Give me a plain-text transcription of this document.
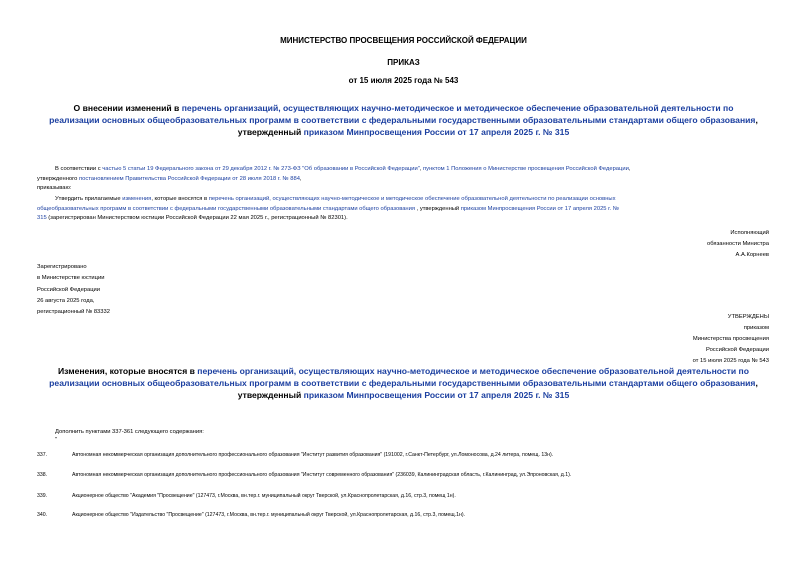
МИНИСТЕРСТВО ПРОСВЕЩЕНИЯ РОССИЙСКОЙ ФЕДЕРАЦИИ
ПРИКАЗ
от 15 июля 2025 года № 543
О внесении изменений в перечень организаций, осуществляющих научно-методическое и методическое обеспечение образовательной деятельности по
реализации основных общеобразовательных программ в соответствии с федеральными государственными образовательными стандартами общего образования,
утвержденный приказом Минпросвещения России от 17 апреля 2025 г. № 315
В соответствии с частью 5 статьи 19 Федерального закона от 29 декабря 2012 г. № 273-ФЗ "Об образовании в Российской Федерации", пунктом 1 Положения о Министерстве просвещения Российской Федерации,
утвержденного постановлением Правительства Российской Федерации от 28 июля 2018 г. № 884,
приказываю:
Утвердить прилагаемые изменения, которые вносятся в перечень организаций, осуществляющих научно-методическое и методическое обеспечение образовательной деятельности по реализации основных
общеобразовательных программ в соответствии с федеральными государственными образовательными стандартами общего образования , утвержденный приказом Минпросвещения России от 17 апреля 2025 г. №
315 (зарегистрирован Министерством юстиции Российской Федерации 22 мая 2025 г., регистрационный № 82301).
Исполняющий
обязанности Министра
А.А.Корнеев
Зарегистрировано
в Министерстве юстиции
Российской Федерации
26 августа 2025 года,
регистрационный № 83332
УТВЕРЖДЕНЫ
приказом
Министерства просвещения
Российской Федерации
от 15 июля 2025 года № 543
Изменения, которые вносятся в перечень организаций, осуществляющих научно-методическое и методическое обеспечение образовательной деятельности по
реализации основных общеобразовательных программ в соответствии с федеральными государственными образовательными стандартами общего образования,
утвержденный приказом Минпросвещения России от 17 апреля 2025 г. № 315
Дополнить пунктами 337-361 следующего содержания:
"
337.	Автономная некоммерческая организация дополнительного профессионального образования "Институт развития образования" (191002, г.Санкт-Петербург, ул.Ломоносова, д.24 литера, помещ. 13н).
338.	Автономная некоммерческая организация дополнительного профессионального образования "Институт современного образования" (236039, Калининградская область, г.Калининград, ул.Эпроновская, д.1).
339.	Акционерное общество "Академия "Просвещение" (127473, г.Москва, вн.тер.г. муниципальный округ Тверской, ул.Краснопролетарская, д.16, стр.3, помещ 1н).
340.	Акционерное общество "Издательство "Просвещение" (127473, г.Москва, вн.тер.г. муниципальный округ Тверской, ул.Краснопролетарская, д.16, стр.3, помещ.1н).
